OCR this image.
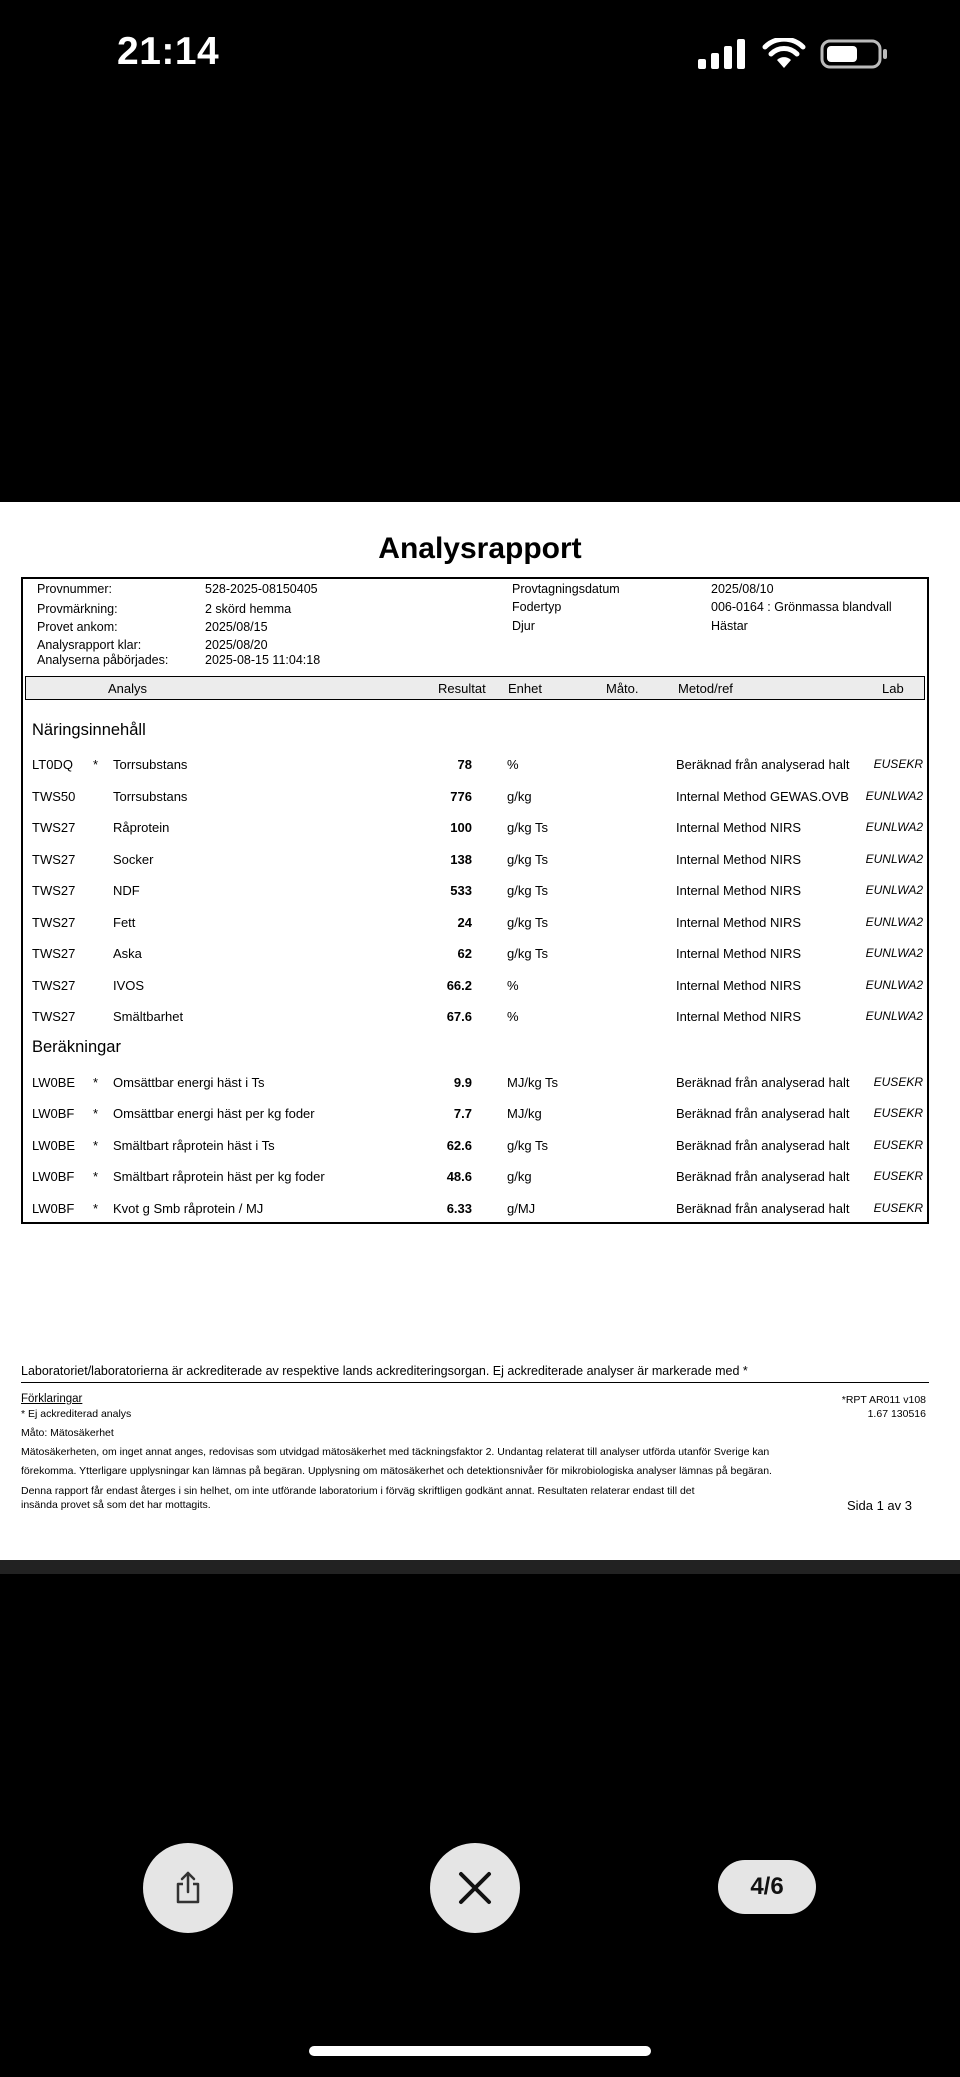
21:14
Analysrapport
Provnummer:	528-2025-08150405
Provmärkning:	2 skörd hemma
Provet ankom:	2025/08/15
Analysrapport klar:	2025/08/20
Analyserna påbörjades:	2025-08-15 11:04:18
Provtagningsdatum	2025/08/10
Fodertyp	006-0164 : Grönmassa blandvall
Djur	Hästar
Analys	Resultat Enhet	Måto.	Metod/ref	Lab
Näringsinnehåll
LT0DQ * Torrsubstans	78	%	Beräknad från analyserad halt EUSEKR
TWS50	Torrsubstans	776	g/kg	Internal Method GEWAS.OVB EUNLWA2
TWS27	Råprotein	100	g/kg Ts	Internal Method NIRS	EUNLWA2
TWS27	Socker	138	g/kg Ts	Internal Method NIRS	EUNLWA2
TWS27	NDF	533	g/kg Ts	Internal Method NIRS	EUNLWA2
TWS27	Fett	24	g/kg Ts	Internal Method NIRS	EUNLWA2
TWS27	Aska	62	g/kg Ts	Internal Method NIRS	EUNLWA2
TWS27	IVOS	66.2	%	Internal Method NIRS	EUNLWA2
TWS27	Smältbarhet	67.6	%	Internal Method NIRS	EUNLWA2
Beräkningar
LW0BE * Omsättbar energi häst i Ts	9.9	MJ/kg Ts	Beräknad från analyserad halt EUSEKR
LW0BF * Omsättbar energi häst per kg foder	7.7	MJ/kg	Beräknad från analyserad halt EUSEKR
LW0BE * Smältbart råprotein häst i Ts	62.6	g/kg Ts	Beräknad från analyserad halt EUSEKR
LW0BF * Smältbart råprotein häst per kg foder	48.6	g/kg	Beräknad från analyserad halt EUSEKR
LW0BF * Kvot g Smb råprotein / MJ	6.33	g/MJ	Beräknad från analyserad halt EUSEKR
Laboratoriet/laboratorierna är ackrediterade av respektive lands ackrediteringsorgan. Ej ackrediterade analyser är markerade med *
Förklaringar
* Ej ackrediterad analys
Måto: Mätosäkerhet
*RPT AR011 v108
1.67 130516
Mätosäkerheten, om inget annat anges, redovisas som utvidgad mätosäkerhet med täckningsfaktor 2. Undantag relaterat till analyser utförda utanför Sverige kan
förekomma. Ytterligare upplysningar kan lämnas på begäran. Upplysning om mätosäkerhet och detektionsnivåer för mikrobiologiska analyser lämnas på begäran.
Denna rapport får endast återges i sin helhet, om inte utförande laboratorium i förväg skriftligen godkänt annat. Resultaten relaterar endast till det
insända provet så som det har mottagits.	Sida 1 av 3
4/6
